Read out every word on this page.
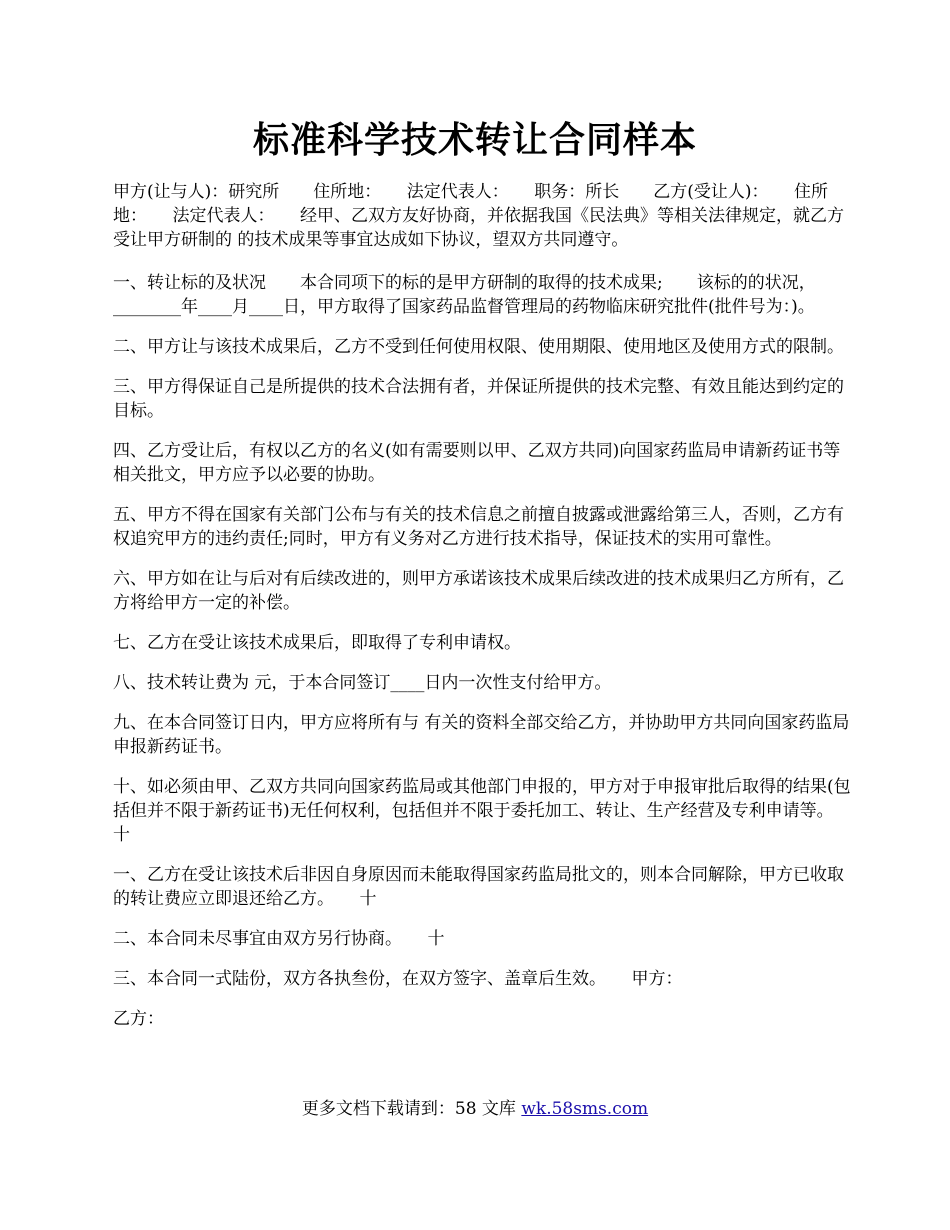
标准科学技术转让合同样本

甲方(让与人)：研究所　　住所地：　　法定代表人：　　职务：所长　　乙方(受让人)：　　住所地：　　法定代表人：　　经甲、乙双方友好协商，并依据我国《民法典》等相关法律规定，就乙方受让甲方研制的 的技术成果等事宜达成如下协议，望双方共同遵守。

一、转让标的及状况　　本合同项下的标的是甲方研制的取得的技术成果;　　该标的的状况，________年____月____日，甲方取得了国家药品监督管理局的药物临床研究批件(批件号为：)。

二、甲方让与该技术成果后，乙方不受到任何使用权限、使用期限、使用地区及使用方式的限制。

三、甲方得保证自己是所提供的技术合法拥有者，并保证所提供的技术完整、有效且能达到约定的目标。

四、乙方受让后，有权以乙方的名义(如有需要则以甲、乙双方共同)向国家药监局申请新药证书等相关批文，甲方应予以必要的协助。

五、甲方不得在国家有关部门公布与有关的技术信息之前擅自披露或泄露给第三人，否则，乙方有权追究甲方的违约责任;同时，甲方有义务对乙方进行技术指导，保证技术的实用可靠性。

六、甲方如在让与后对有后续改进的，则甲方承诺该技术成果后续改进的技术成果归乙方所有，乙方将给甲方一定的补偿。

七、乙方在受让该技术成果后，即取得了专利申请权。

八、技术转让费为 元，于本合同签订____日内一次性支付给甲方。

九、在本合同签订日内，甲方应将所有与 有关的资料全部交给乙方，并协助甲方共同向国家药监局申报新药证书。

十、如必须由甲、乙双方共同向国家药监局或其他部门申报的，甲方对于申报审批后取得的结果(包括但并不限于新药证书)无任何权利，包括但并不限于委托加工、转让、生产经营及专利申请等。　　十

一、乙方在受让该技术后非因自身原因而未能取得国家药监局批文的，则本合同解除，甲方已收取的转让费应立即退还给乙方。　　十

二、本合同未尽事宜由双方另行协商。　　十

三、本合同一式陆份，双方各执叁份，在双方签字、盖章后生效。　　甲方：

乙方：

更多文档下载请到：58 文库 wk.58sms.com
